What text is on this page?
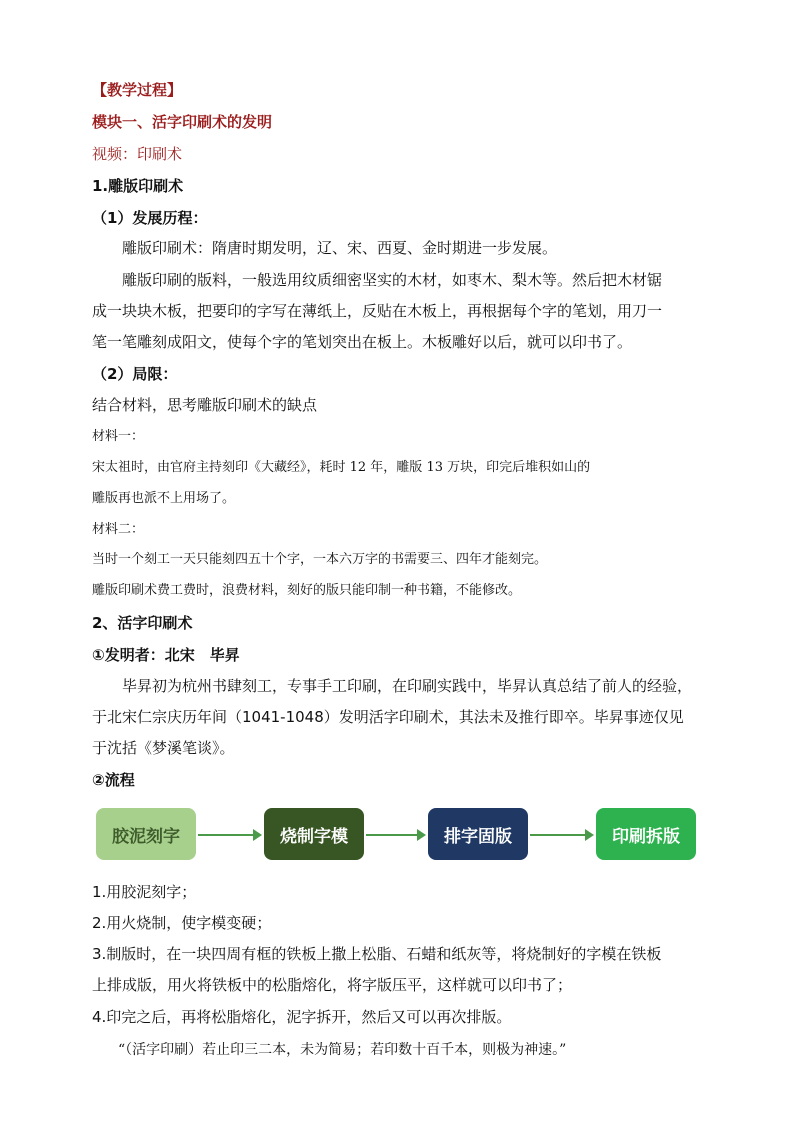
【教学过程】
模块一、活字印刷术的发明
视频：印刷术
1.雕版印刷术
（1）发展历程：
雕版印刷术：隋唐时期发明，辽、宋、西夏、金时期进一步发展。
雕版印刷的版料，一般选用纹质细密坚实的木材，如枣木、梨木等。然后把木材锯
成一块块木板，把要印的字写在薄纸上，反贴在木板上，再根据每个字的笔划，用刀一
笔一笔雕刻成阳文，使每个字的笔划突出在板上。木板雕好以后，就可以印书了。
（2）局限：
结合材料，思考雕版印刷术的缺点
材料一：
宋太祖时，由官府主持刻印《大藏经》，耗时 12 年，雕版 13 万块，印完后堆积如山的
雕版再也派不上用场了。
材料二：
当时一个刻工一天只能刻四五十个字，一本六万字的书需要三、四年才能刻完。
雕版印刷术费工费时，浪费材料，刻好的版只能印制一种书籍，不能修改。
2、活字印刷术
①发明者：北宋　毕昇
毕昇初为杭州书肆刻工，专事手工印刷，在印刷实践中，毕昇认真总结了前人的经验，
于北宋仁宗庆历年间（1041-1048）发明活字印刷术，其法未及推行即卒。毕昇事迹仅见
于沈括《梦溪笔谈》。
②流程
胶泥刻字	烧制字模	排字固版	印刷拆版
1.用胶泥刻字；
2.用火烧制，使字模变硬；
3.制版时，在一块四周有框的铁板上撒上松脂、石蜡和纸灰等，将烧制好的字模在铁板
上排成版，用火将铁板中的松脂熔化，将字版压平，这样就可以印书了；
4.印完之后，再将松脂熔化，泥字拆开，然后又可以再次排版。
“（活字印刷）若止印三二本，未为简易；若印数十百千本，则极为神速。”
